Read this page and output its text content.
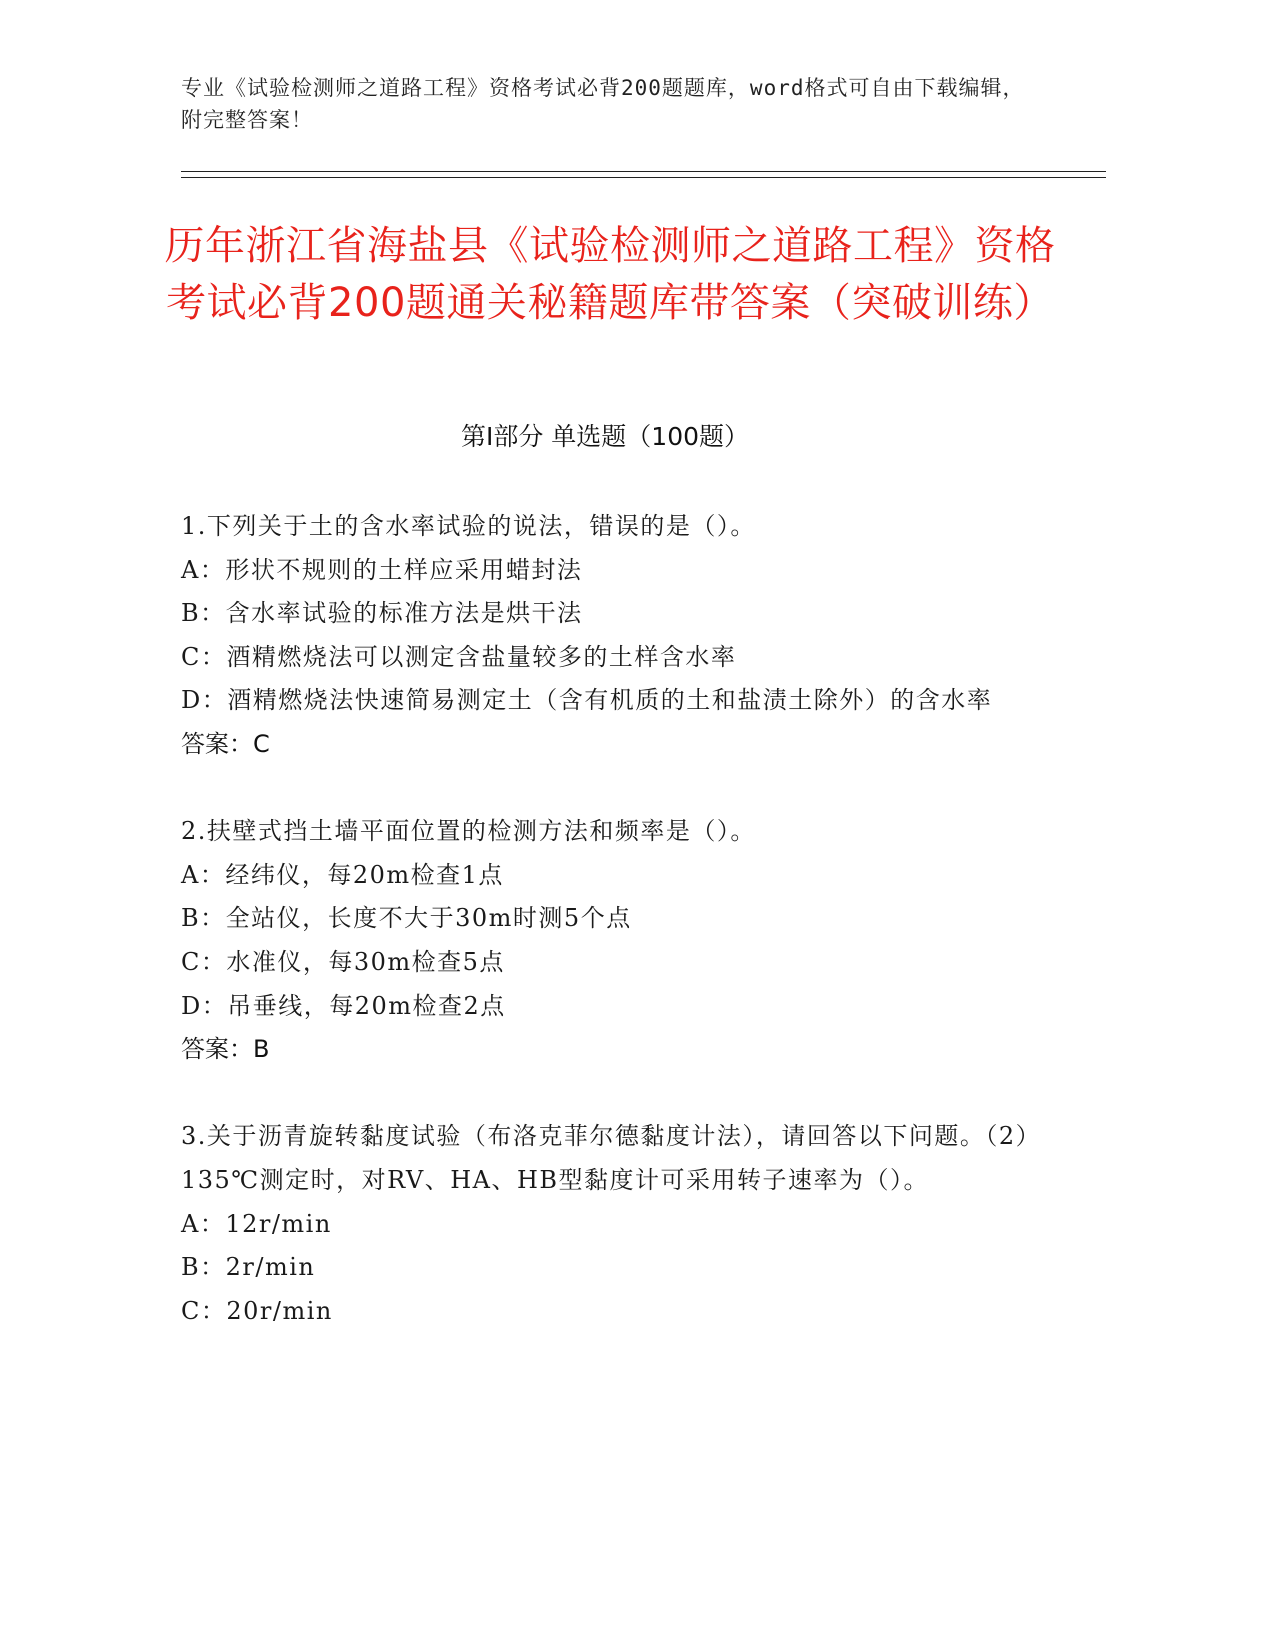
专业《试验检测师之道路工程》资格考试必背200题题库，word格式可自由下载编辑，附完整答案！
历年浙江省海盐县《试验检测师之道路工程》资格考试必背200题通关秘籍题库带答案（突破训练）
第I部分 单选题（100题）
1.下列关于土的含水率试验的说法，错误的是（）。
A：形状不规则的土样应采用蜡封法
B：含水率试验的标准方法是烘干法
C：酒精燃烧法可以测定含盐量较多的土样含水率
D：酒精燃烧法快速简易测定土（含有机质的土和盐渍土除外）的含水率
答案：C
2.扶壁式挡土墙平面位置的检测方法和频率是（）。
A：经纬仪，每20m检查1点
B：全站仪，长度不大于30m时测5个点
C：水准仪，每30m检查5点
D：吊垂线，每20m检查2点
答案：B
3.关于沥青旋转黏度试验（布洛克菲尔德黏度计法），请回答以下问题。（2）135℃测定时，对RV、HA、HB型黏度计可采用转子速率为（）。
A：12r/min
B：2r/min
C：20r/min
